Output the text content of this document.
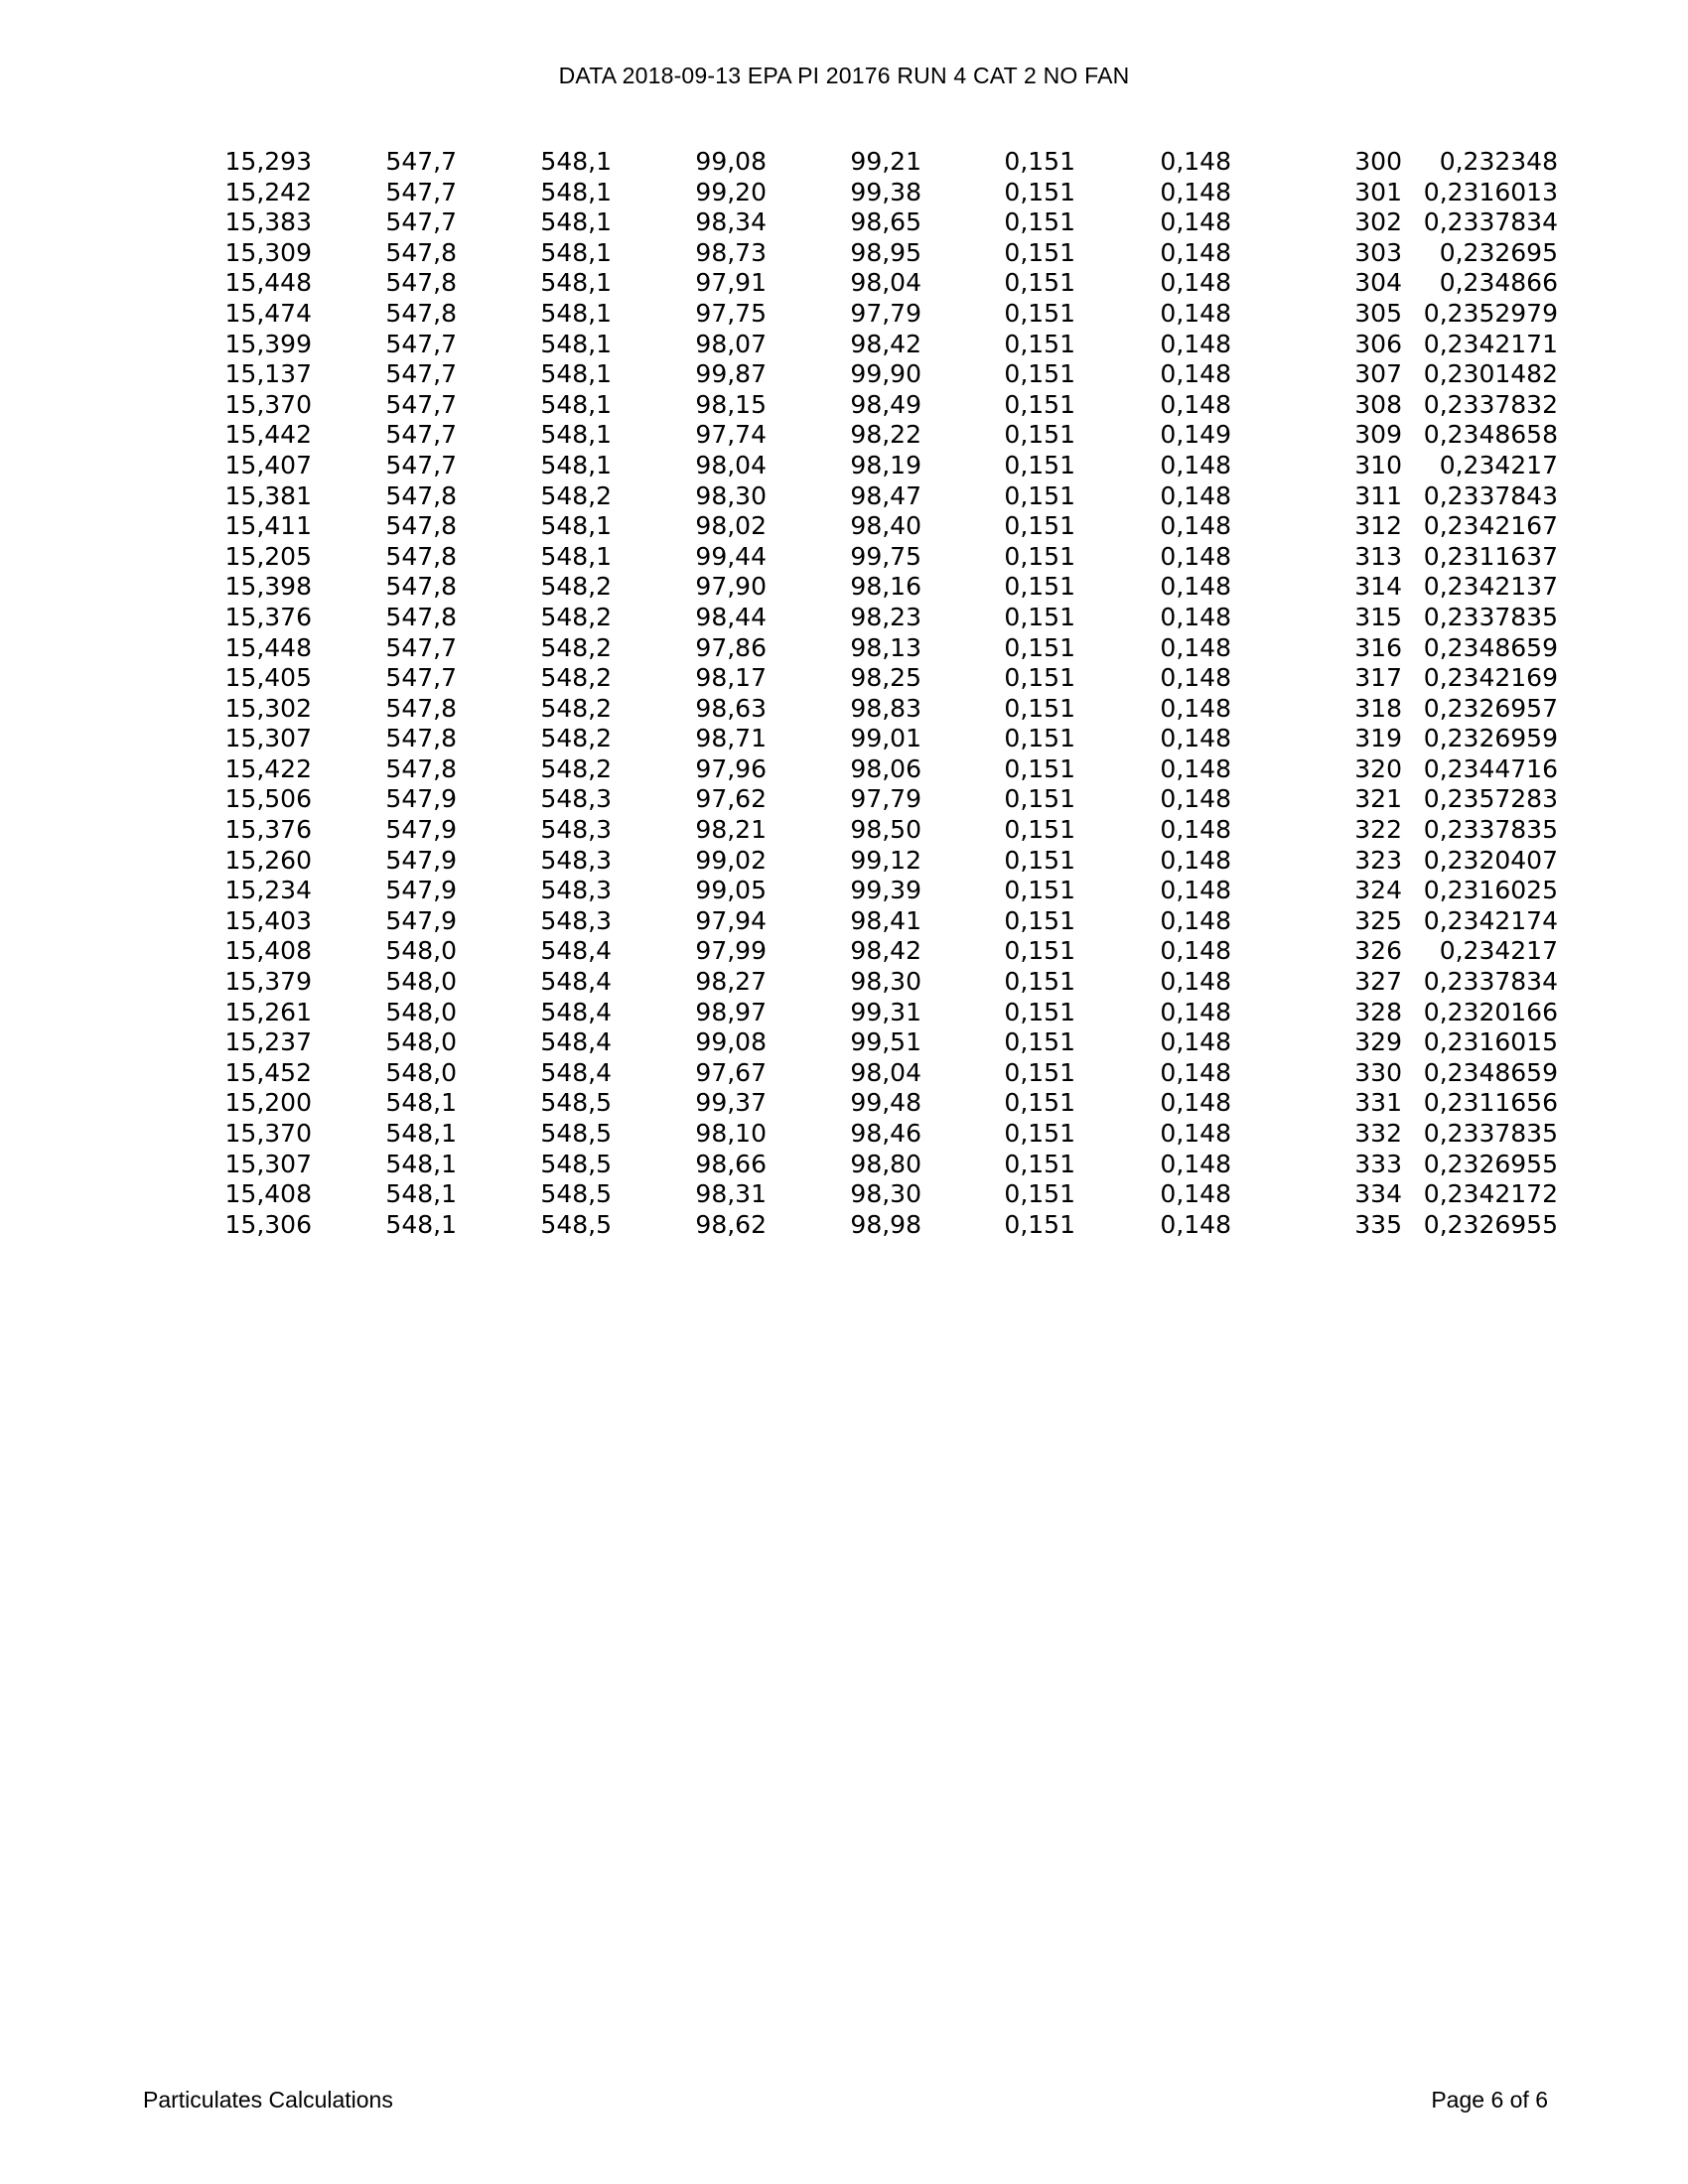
DATA 2018-09-13 EPA PI 20176 RUN 4 CAT 2 NO FAN
15,293	547,7	548,1	99,08	99,21	0,151	0,148	300	0,232348
15,242	547,7	548,1	99,20	99,38	0,151	0,148	301	0,2316013
15,383	547,7	548,1	98,34	98,65	0,151	0,148	302	0,2337834
15,309	547,8	548,1	98,73	98,95	0,151	0,148	303	0,232695
15,448	547,8	548,1	97,91	98,04	0,151	0,148	304	0,234866
15,474	547,8	548,1	97,75	97,79	0,151	0,148	305	0,2352979
15,399	547,7	548,1	98,07	98,42	0,151	0,148	306	0,2342171
15,137	547,7	548,1	99,87	99,90	0,151	0,148	307	0,2301482
15,370	547,7	548,1	98,15	98,49	0,151	0,148	308	0,2337832
15,442	547,7	548,1	97,74	98,22	0,151	0,149	309	0,2348658
15,407	547,7	548,1	98,04	98,19	0,151	0,148	310	0,234217
15,381	547,8	548,2	98,30	98,47	0,151	0,148	311	0,2337843
15,411	547,8	548,1	98,02	98,40	0,151	0,148	312	0,2342167
15,205	547,8	548,1	99,44	99,75	0,151	0,148	313	0,2311637
15,398	547,8	548,2	97,90	98,16	0,151	0,148	314	0,2342137
15,376	547,8	548,2	98,44	98,23	0,151	0,148	315	0,2337835
15,448	547,7	548,2	97,86	98,13	0,151	0,148	316	0,2348659
15,405	547,7	548,2	98,17	98,25	0,151	0,148	317	0,2342169
15,302	547,8	548,2	98,63	98,83	0,151	0,148	318	0,2326957
15,307	547,8	548,2	98,71	99,01	0,151	0,148	319	0,2326959
15,422	547,8	548,2	97,96	98,06	0,151	0,148	320	0,2344716
15,506	547,9	548,3	97,62	97,79	0,151	0,148	321	0,2357283
15,376	547,9	548,3	98,21	98,50	0,151	0,148	322	0,2337835
15,260	547,9	548,3	99,02	99,12	0,151	0,148	323	0,2320407
15,234	547,9	548,3	99,05	99,39	0,151	0,148	324	0,2316025
15,403	547,9	548,3	97,94	98,41	0,151	0,148	325	0,2342174
15,408	548,0	548,4	97,99	98,42	0,151	0,148	326	0,234217
15,379	548,0	548,4	98,27	98,30	0,151	0,148	327	0,2337834
15,261	548,0	548,4	98,97	99,31	0,151	0,148	328	0,2320166
15,237	548,0	548,4	99,08	99,51	0,151	0,148	329	0,2316015
15,452	548,0	548,4	97,67	98,04	0,151	0,148	330	0,2348659
15,200	548,1	548,5	99,37	99,48	0,151	0,148	331	0,2311656
15,370	548,1	548,5	98,10	98,46	0,151	0,148	332	0,2337835
15,307	548,1	548,5	98,66	98,80	0,151	0,148	333	0,2326955
15,408	548,1	548,5	98,31	98,30	0,151	0,148	334	0,2342172
15,306	548,1	548,5	98,62	98,98	0,151	0,148	335	0,2326955
Particulates Calculations	Page 6 of 6
